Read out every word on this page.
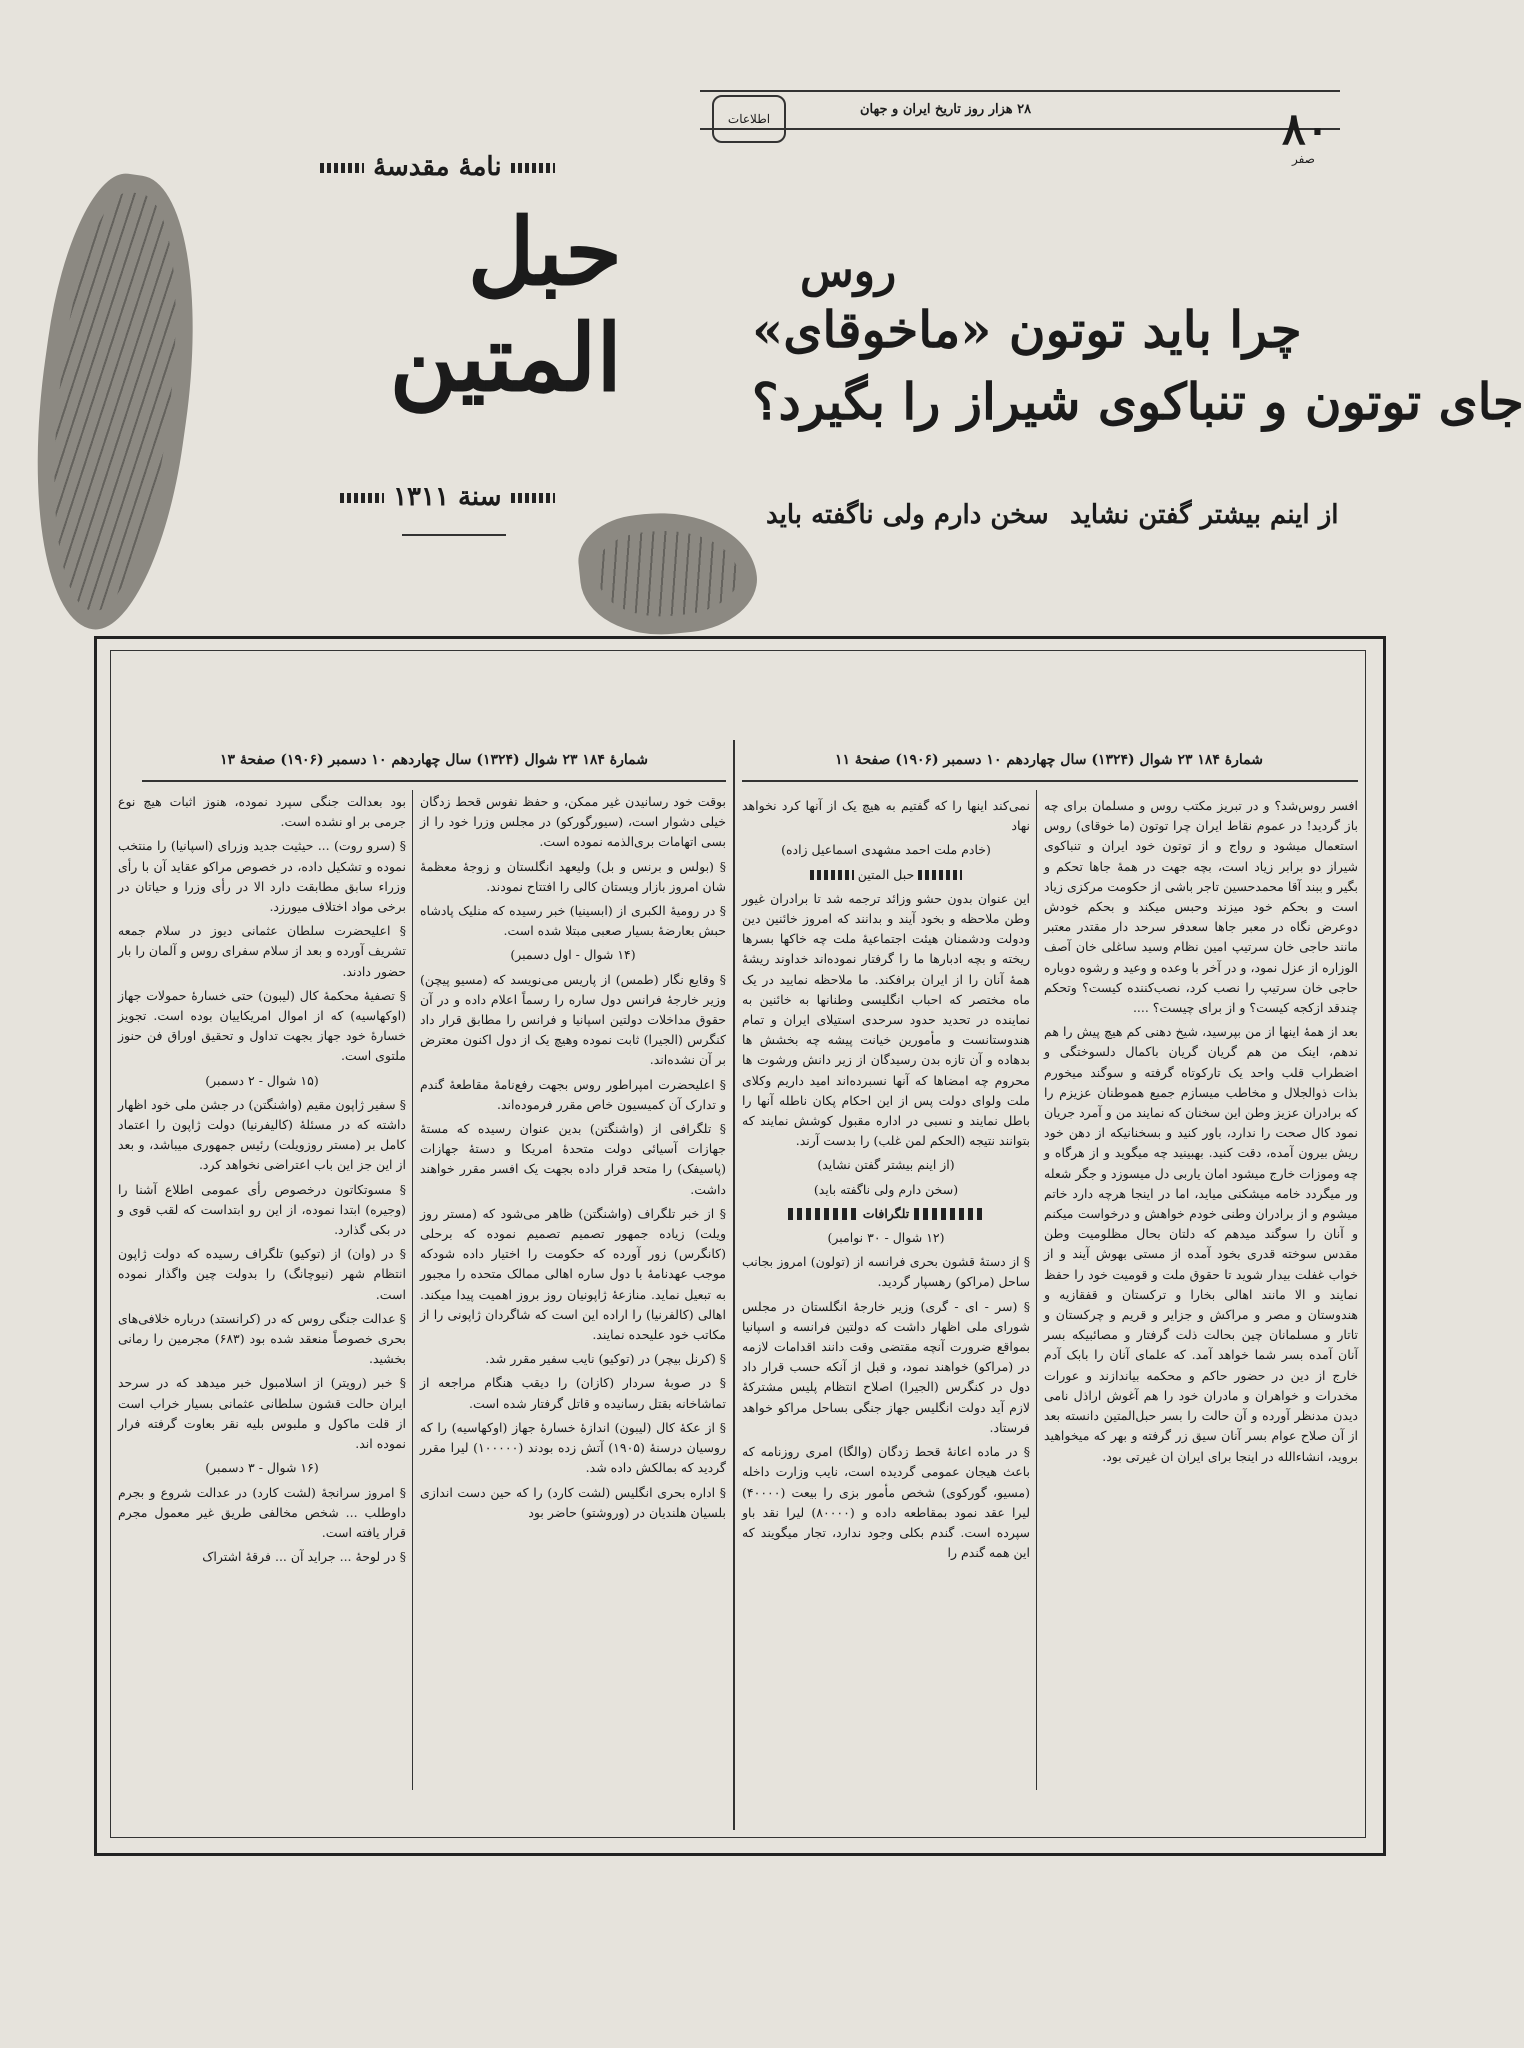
۸۰
صفر
۲۸ هزار روز تاریخ ایران و جهان
اطلاعات
نامهٔ مقدسهٔ
حبل المتین
سنة ۱۳۱۱
روس
چرا باید توتون «ماخوقای»
جای توتون و تنباکوی شیراز را بگیرد؟
از اینم بیشتر گفتن نشاید
سخن دارم ولی ناگفته باید
شمارهٔ ۱۸۴ ۲۳ شوال (۱۳۲۴) سال چهاردهم ۱۰ دسمبر (۱۹۰۶) صفحهٔ ۱۱
شمارهٔ ۱۸۴ ۲۳ شوال (۱۳۲۴) سال چهاردهم ۱۰ دسمبر (۱۹۰۶) صفحهٔ ۱۳

افسر روس‌شد؟ و در تبریز مکتب روس و مسلمان برای چه باز گردید! در عموم نقاط ایران چرا توتون (ما خوقای) روس استعمال میشود و رواج و از توتون خود ایران و تنباکوی شیراز دو برابر زیاد است، بچه جهت در همهٔ جاها تحکم و بگیر و ببند آقا محمدحسین تاجر باشی از حکومت مرکزی زیاد است و بحکم خود میزند وحبس میکند و بحکم خودش دوعرض نگاه در معبر جاها سعدفر سرحد دار مقتدر معتبر مانند حاجی خان سرتیپ امین نظام وسید ساغلی خان آصف الوزاره از عزل نمود، و در آخر با وعده و وعید و رشوه دوباره حاجی خان سرتیپ را نصب کرد، نصب‌کننده کیست؟ وتحکم چندقد ازکجه کیست؟ و از برای چیست؟ ....

بعد از همهٔ اینها از من بپرسید، شیخ دهنی کم هیچ پیش را هم ندهم، اینک من هم گریان گریان باکمال دلسوختگی و اضطراب قلب واحد یک تارکوتاه گرفته و سوگند میخورم بذات ذوالجلال و مخاطب میسازم جمیع هموطنان عزیزم را که برادران عزیز وطن این سخنان که نمایند من و آمرد جریان نمود کال صحت را ندارد، باور کنید و بسخنانیکه از دهن خود ریش بیرون آمده، دقت کنید. بهبینید چه میگوید و از هرگاه و چه وموزات خارج میشود امان یاربی دل میسوزد و جگر شعله ور میگردد خامه میشکنی میاید، اما در اینجا هرچه دارد خاتم میشوم و از برادران وطنی خودم خواهش و درخواست میکنم و آنان را سوگند میدهم که دلتان بحال مظلومیت وطن مقدس سوخته قدری بخود آمده از مستی بهوش آیند و از خواب غفلت بیدار شوید تا حقوق ملت و قومیت خود را حفظ نمایند و الا مانند اهالی بخارا و ترکستان و قفقازیه و هندوستان و مصر و مراکش و جزایر و قریم و چرکستان و تاتار و مسلمانان چین بحالت ذلت گرفتار و مصائبیکه بسر آنان آمده بسر شما خواهد آمد. که علمای آنان را بابک آدم خارج از دین در حضور حاکم و محکمه بیاندازند و عورات مخدرات و خواهران و مادران خود را هم آغوش اراذل نامی دیدن مدنظر آورده و آن حالت را بسر حبل‌المتین دانسته بعد از آن صلاح عوام بسر آنان سیق زر گرفته و بهر که میخواهید بروید، انشاءالله در اینجا برای ایران ان غیرتی بود.

نمی‌کند اینها را که گفتیم به هیچ یک از آنها کرد نخواهد نهاد

(خادم ملت احمد مشهدی اسماعیل زاده)

حبل المتین

این عنوان بدون حشو وزائد ترجمه شد تا برادران غیور وطن ملاحظه و بخود آیند و بدانند که امروز خائنین دین ودولت ودشمنان هیئت اجتماعیهٔ ملت چه خاکها بسرها ریخته و بچه ادبارها ما را گرفتار نموده‌اند خداوند ریشهٔ همهٔ آنان را از ایران برافکند. ما ملاحظه نمایید در یک ماه مختصر که احباب انگلیسی وطنانها به خائنین به نماینده در تحدید حدود سرحدی استیلای ایران و تمام هندوستانست و مأمورین خیانت پیشه چه بخشش ها بدهاده و آن تازه بدن رسیدگان از زیر دانش ورشوت ها محروم چه امضاها که آنها نسبرده‌اند امید داریم وکلای ملت ولوای دولت پس از این احکام پکان ناطله آنها را باطل نمایند و نسبی در اداره مقبول کوشش نمایند که بتوانند نتیجه (الحکم لمن غلب) را بدست آرند.

(از اینم بیشتر گفتن نشاید)

(سخن دارم ولی ناگفته باید)

تلگرافات

(۱۲ شوال - ۳۰ نوامبر)

§ از دستهٔ قشون بحری فرانسه از (تولون) امروز بجانب ساحل (مراکو) رهسپار گردید.

§ (سر - ای - گری) وزیر خارجهٔ انگلستان در مجلس شورای ملی اظهار داشت که دولتین فرانسه و اسپانیا بمواقع ضرورت آنچه مقتضی وقت دانند اقدامات لازمه در (مراکو) خواهند نمود، و قبل از آنکه حسب قرار داد دول در کنگرس (الجیرا) اصلاح انتظام پلیس مشترکهٔ لازم آید دولت انگلیس جهاز جنگی بساحل مراکو خواهد فرستاد.

§ در ماده اعانهٔ قحط زدگان (والگا) امری روزنامه که باعث هیجان عمومی گردیده است، نایب وزارت داخله (مسیو، گورکوی) شخص مأمور بزی را بیعت (۴۰۰۰۰) لیرا عقد نمود بمقاطعه داده و (۸۰۰۰۰) لیرا نقد باو سپرده است. گندم بکلی وجود ندارد، تجار میگویند که این همه گندم را

بوقت خود رسانیدن غیر ممکن، و حفظ نفوس قحط زدگان خیلی دشوار است، (سیورگورکو) در مجلس وزرا خود را از بسی اتهامات بری‌الذمه نموده است.

§ (بولس و برنس و بل) ولیعهد انگلستان و زوجهٔ معظمهٔ شان امروز بازار ویستان کالی را افتتاح نمودند.

§ در رومیهٔ الکبری از (ابسینیا) خبر رسیده که منلیک پادشاه حبش بعارضهٔ بسیار صعبی مبتلا شده است.

(۱۴ شوال - اول دسمبر)

§ وقایع نگار (طمس) از پاریس می‌نویسد که (مسیو پیچن) وزیر خارجهٔ فرانس دول ساره را رسماً اعلام داده و در آن حقوق مداخلات دولتین اسپانیا و فرانس را مطابق قرار داد کنگرس (الجیرا) ثابت نموده وهیچ یک از دول اکنون معترض بر آن نشده‌اند.

§ اعلیحضرت امپراطور روس بجهت رفع‌نامهٔ مقاطعهٔ گندم و تدارک آن کمیسیون خاص مقرر فرموده‌اند.

§ تلگرافی از (واشنگتن) بدین عنوان رسیده که مستهٔ جهازات آسیائی دولت متحدهٔ امریکا و دستهٔ جهازات (پاسیفک) را متحد قرار داده بجهت یک افسر مقرر خواهند داشت.

§ از خبر تلگراف (واشنگتن) ظاهر می‌شود که (مستر روز ویلت) زیاده جمهور تصمیم تصمیم نموده که برحلی (کانگرس) زور آورده که حکومت را اختیار داده شودکه موجب عهدنامهٔ با دول ساره اهالی ممالک متحده را مجبور به تبعیل نماید. منازعهٔ ژاپونیان روز بروز اهمیت پیدا میکند. اهالی (کالفرنیا) را اراده این است که شاگردان ژاپونی را از مکاتب خود علیحده نمایند.

§ (کرنل بیچر) در (توکیو) نایب سفیر مقرر شد.

§ در صوبهٔ سردار (کازان) را دیقب هنگام مراجعه از تماشاخانه بقتل رسانیده و قاتل گرفتار شده است.

§ از عکهٔ کال (لیبون) اندازهٔ خسارهٔ جهاز (اوکهاسیه) را که روسیان درسنهٔ (۱۹۰۵) آتش زده بودند (۱۰۰۰۰۰) لیرا مقرر گردید که بمالکش داده شد.

§ اداره بحری انگلیس (لشت کارد) را که حین دست اندازی بلسیان هلندیان در (وروشتو) حاضر بود

بود بعدالت جنگی سپرد نموده، هنوز اثبات هیچ نوع جرمی بر او نشده است.

§ (سرو روت) ... حیثیت جدید وزرای (اسپانیا) را منتخب نموده و تشکیل داده، در خصوص مراکو عقاید آن با رأی وزراء سابق مطابقت دارد الا در رأی وزرا و حیاتان در برخی مواد اختلاف میورزد.

§ اعلیحضرت سلطان عثمانی دیوز در سلام جمعه تشریف آورده و بعد از سلام سفرای روس و آلمان را بار حضور دادند.

§ تصفیهٔ محکمهٔ کال (لیبون) حتی خسارهٔ حمولات جهاز (اوکهاسیه) که از اموال امریکاییان بوده است. تجویز خسارهٔ خود جهاز بجهت تداول و تحقیق اوراق فن حنوز ملتوی است.

(۱۵ شوال - ۲ دسمبر)

§ سفیر ژاپون مقیم (واشنگتن) در جشن ملی خود اظهار داشته که در مسئلهٔ (کالیفرنیا) دولت ژاپون را اعتماد کامل بر (مستر روزویلت) رئیس جمهوری میباشد، و بعد از این جز این باب اعتراضی نخواهد کرد.

§ مسوتکاتون درخصوص رأی عمومی اطلاع آشنا را (وجیره) ابتدا نموده، از این رو ابتداست که لقب قوی و در بکی گذارد.

§ در (وان) از (توکیو) تلگراف رسیده که دولت ژاپون انتظام شهر (نیوچانگ) را بدولت چین واگذار نموده است.

§ عدالت جنگی روس که در (کرانستد) درباره خلافی‌های بحری خصوصاً منعقد شده بود (۶۸۳) مجرمین را رمانی بخشید.

§ خبر (رویتر) از اسلامبول خبر میدهد که در سرحد ایران حالت قشون سلطانی عثمانی بسیار خراب است از قلت ماکول و ملبوس بلیه نقر بعاوت گرفته فرار نموده اند.

(۱۶ شوال - ۳ دسمبر)

§ امروز سرانجهٔ (لشت کارد) در عدالت شروع و بجرم داوطلب ... شخص مخالفی طریق غیر معمول مجرم قرار یافته است.

§ در لوحهٔ ... جراید آن ... فرقهٔ اشتراک
